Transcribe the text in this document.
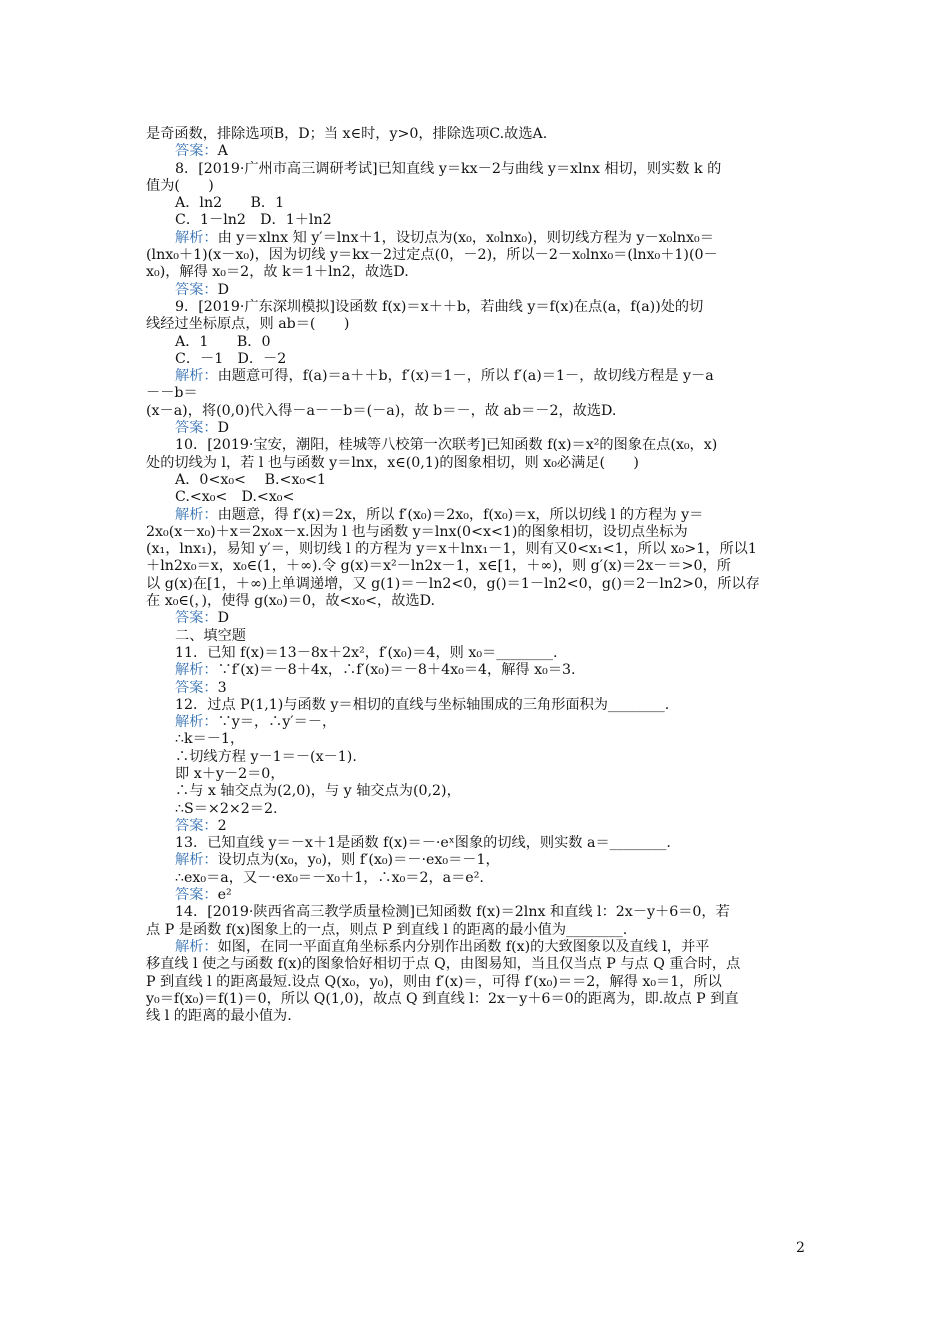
是奇函数，排除选项B，D；当 x∈时，y>0，排除选项C.故选A.
答案：A
8．[2019·广州市高三调研考试]已知直线 y＝kx－2与曲线 y＝xlnx 相切，则实数 k 的
值为(　　)
A．ln2　　B．1
C．1－ln2　D．1＋ln2
解析：由 y＝xlnx 知 y′＝lnx＋1，设切点为(x₀，x₀lnx₀)，则切线方程为 y－x₀lnx₀＝
(lnx₀＋1)(x－x₀)，因为切线 y＝kx－2过定点(0，－2)，所以－2－x₀lnx₀＝(lnx₀＋1)(0－
x₀)，解得 x₀＝2，故 k＝1＋ln2，故选D.
答案：D
9．[2019·广东深圳模拟]设函数 f(x)＝x＋＋b，若曲线 y＝f(x)在点(a，f(a))处的切
线经过坐标原点，则 ab＝(　　)
A．1　　B．0
C．－1　D．－2
解析：由题意可得，f(a)＝a＋＋b，f′(x)＝1－，所以 f′(a)＝1－，故切线方程是 y－a
－－b＝
(x－a)，将(0,0)代入得－a－－b＝(－a)，故 b＝－，故 ab＝－2，故选D.
答案：D
10．[2019·宝安，潮阳，桂城等八校第一次联考]已知函数 f(x)＝x²的图象在点(x₀，x)
处的切线为 l，若 l 也与函数 y＝lnx，x∈(0,1)的图象相切，则 x₀必满足(　　)
A．0<x₀<　 B.<x₀<1
C.<x₀<　D.<x₀<
解析：由题意，得 f′(x)＝2x，所以 f′(x₀)＝2x₀，f(x₀)＝x，所以切线 l 的方程为 y＝
2x₀(x－x₀)＋x＝2x₀x－x.因为 l 也与函数 y＝lnx(0<x<1)的图象相切，设切点坐标为
(x₁，lnx₁)，易知 y′＝，则切线 l 的方程为 y＝x＋lnx₁－1，则有又0<x₁<1，所以 x₀>1，所以1
＋ln2x₀＝x，x₀∈(1，＋∞).令 g(x)＝x²－ln2x－1，x∈[1，＋∞)，则 g′(x)＝2x－＝>0，所
以 g(x)在[1，＋∞)上单调递增，又 g(1)＝－ln2<0，g()＝1－ln2<0，g()＝2－ln2>0，所以存
在 x₀∈(，)，使得 g(x₀)＝0，故<x₀<，故选D.
答案：D
二、填空题
11．已知 f(x)＝13－8x＋2x²，f′(x₀)＝4，则 x₀＝________.
解析：∵f′(x)＝－8＋4x，∴f′(x₀)＝－8＋4x₀＝4，解得 x₀＝3.
答案：3
12．过点 P(1,1)与函数 y＝相切的直线与坐标轴围成的三角形面积为________.
解析：∵y＝，∴y′＝－，
∴k＝－1，
∴切线方程 y－1＝－(x－1).
即 x＋y－2＝0，
∴与 x 轴交点为(2,0)，与 y 轴交点为(0,2)，
∴S＝×2×2＝2.
答案：2
13．已知直线 y＝－x＋1是函数 f(x)＝－·eˣ图象的切线，则实数 a＝________.
解析：设切点为(x₀，y₀)，则 f′(x₀)＝－·ex₀＝－1，
∴ex₀＝a，又－·ex₀＝－x₀＋1，∴x₀＝2，a＝e².
答案：e²
14．[2019·陕西省高三教学质量检测]已知函数 f(x)＝2lnx 和直线 l：2x－y＋6＝0，若
点 P 是函数 f(x)图象上的一点，则点 P 到直线 l 的距离的最小值为________.
解析：如图，在同一平面直角坐标系内分别作出函数 f(x)的大致图象以及直线 l，并平
移直线 l 使之与函数 f(x)的图象恰好相切于点 Q，由图易知，当且仅当点 P 与点 Q 重合时，点
P 到直线 l 的距离最短.设点 Q(x₀，y₀)，则由 f′(x)＝，可得 f′(x₀)＝＝2，解得 x₀＝1，所以
y₀＝f(x₀)＝f(1)＝0，所以 Q(1,0)，故点 Q 到直线 l：2x－y＋6＝0的距离为，即.故点 P 到直
线 l 的距离的最小值为.
2
